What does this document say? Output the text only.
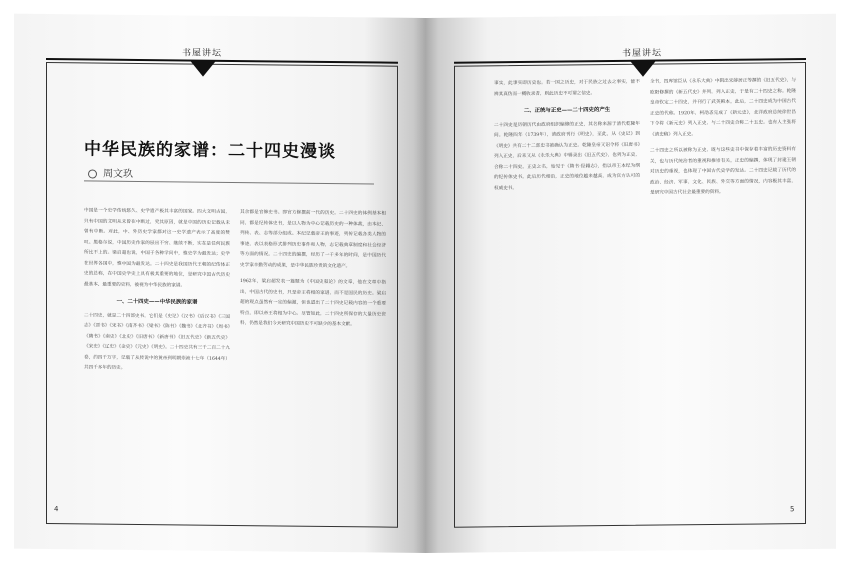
书屋讲坛
中华民族的家谱：二十四史漫谈
周文玖
中国是一个史学传统悠久、史学遗产极其丰富的国家。四大文明古国，只有中国的文明从未曾在中断过，究其原因，就是中国的历史记载从未曾有中断。对此，中、外历史学家都对这一史学遗产表示了高度的赞叹。黑格尔说，中国历史作家的层出不穷、继续不断，实在是任何民族所比不上的。梁启超也说，中国于各种学问中，惟史学为最发达；史学在世界各国中，惟中国为最发达。二十四史是我国历代王朝的纪传体正史的总称，在中国史学史上具有极其重要的地位，是研究中国古代历史最基本、最重要的史料，被视为中华民族的家谱。
一、二十四史——中华民族的家谱
二十四史，就是二十四部史书，它们是《史记》《汉书》《后汉书》《三国志》《晋书》《宋书》《南齐书》《梁书》《陈书》《魏书》《北齐书》《周书》《隋书》《南史》《北史》《旧唐书》《新唐书》《旧五代史》《新五代史》《宋史》《辽史》《金史》《元史》《明史》。二十四史共有三千二百二十九卷，约四千万字，记载了从传说中的黄帝到明朝崇祯十七年（1644年）共四千多年的历史。
其余都是官修史书。即官方修撰前一代的历史。二十四史的体例基本相同，都是纪传体史书，是以人物为中心记载历史的一种体裁，由本纪、列传、表、志等部分组成。本纪记载帝王的事迹，列传记载各类人物的事迹，表以表格形式排列历史事件和人物，志记载典章制度和社会经济等方面的情况。二十四史的编撰，经历了一千多年的时间，是中国历代史学家辛勤劳动的成果，是中华民族珍贵的文化遗产。
1962年，梁启超发表一篇题为《中国史叙论》的文章，他在文章中指出，中国古代的史书，只是帝王将相的家谱，而不是国民的历史。梁启超的观点虽然有一定的偏激，但也道出了二十四史记载内容的一个重要特点，即以帝王将相为中心。尽管如此，二十四史所保存的大量历史资料，仍然是我们今天研究中国历史不可缺少的基本文献。
4
书屋讲坛
事实，此事实即历史也。若一国之历史，对于民族之过去之事实，能不辨其真伪而一概收录者，则此历史不可谓之信史。
二、正统与正史——二十四史的产生
二十四史是历朝历代由政府组织编修的正史，其名称来源于清代乾隆年间。乾隆四年（1739年），清政府刊行《明史》，至此，从《史记》到《明史》共有二十二部史书被确认为正史。乾隆皇帝又诏令将《旧唐书》列入正史，后来又从《永乐大典》中辑录出《旧五代史》，也列为正史，合称二十四史。正史之名，始见于《隋书·经籍志》，指以帝王本纪为纲的纪传体史书。此后历代相沿，正史的地位越来越高，成为官方认可的权威史书。
全书，四库馆臣从《永乐大典》中辑出宋薛居正等撰的《旧五代史》，与欧阳修撰的《新五代史》并列，列入正史，于是有二十四史之称。乾隆皇帝钦定二十四史，并刊行了武英殿本。此后，二十四史成为中国古代正史的代称。1920年，柯劭忞完成了《新元史》，北洋政府总统徐世昌下令将《新元史》列入正史，与二十四史合称二十五史。也有人主张将《清史稿》列入正史。
二十四史之所以被称为正史，既与这些史书中保存着丰富的历史资料有关，也与历代统治者的重视和推崇有关。正史的编撰，体现了封建王朝对历史的重视，也体现了中国古代史学的发达。二十四史记载了历代的政治、经济、军事、文化、民族、外交等方面的情况，内容极其丰富，是研究中国古代社会最重要的资料。
5
